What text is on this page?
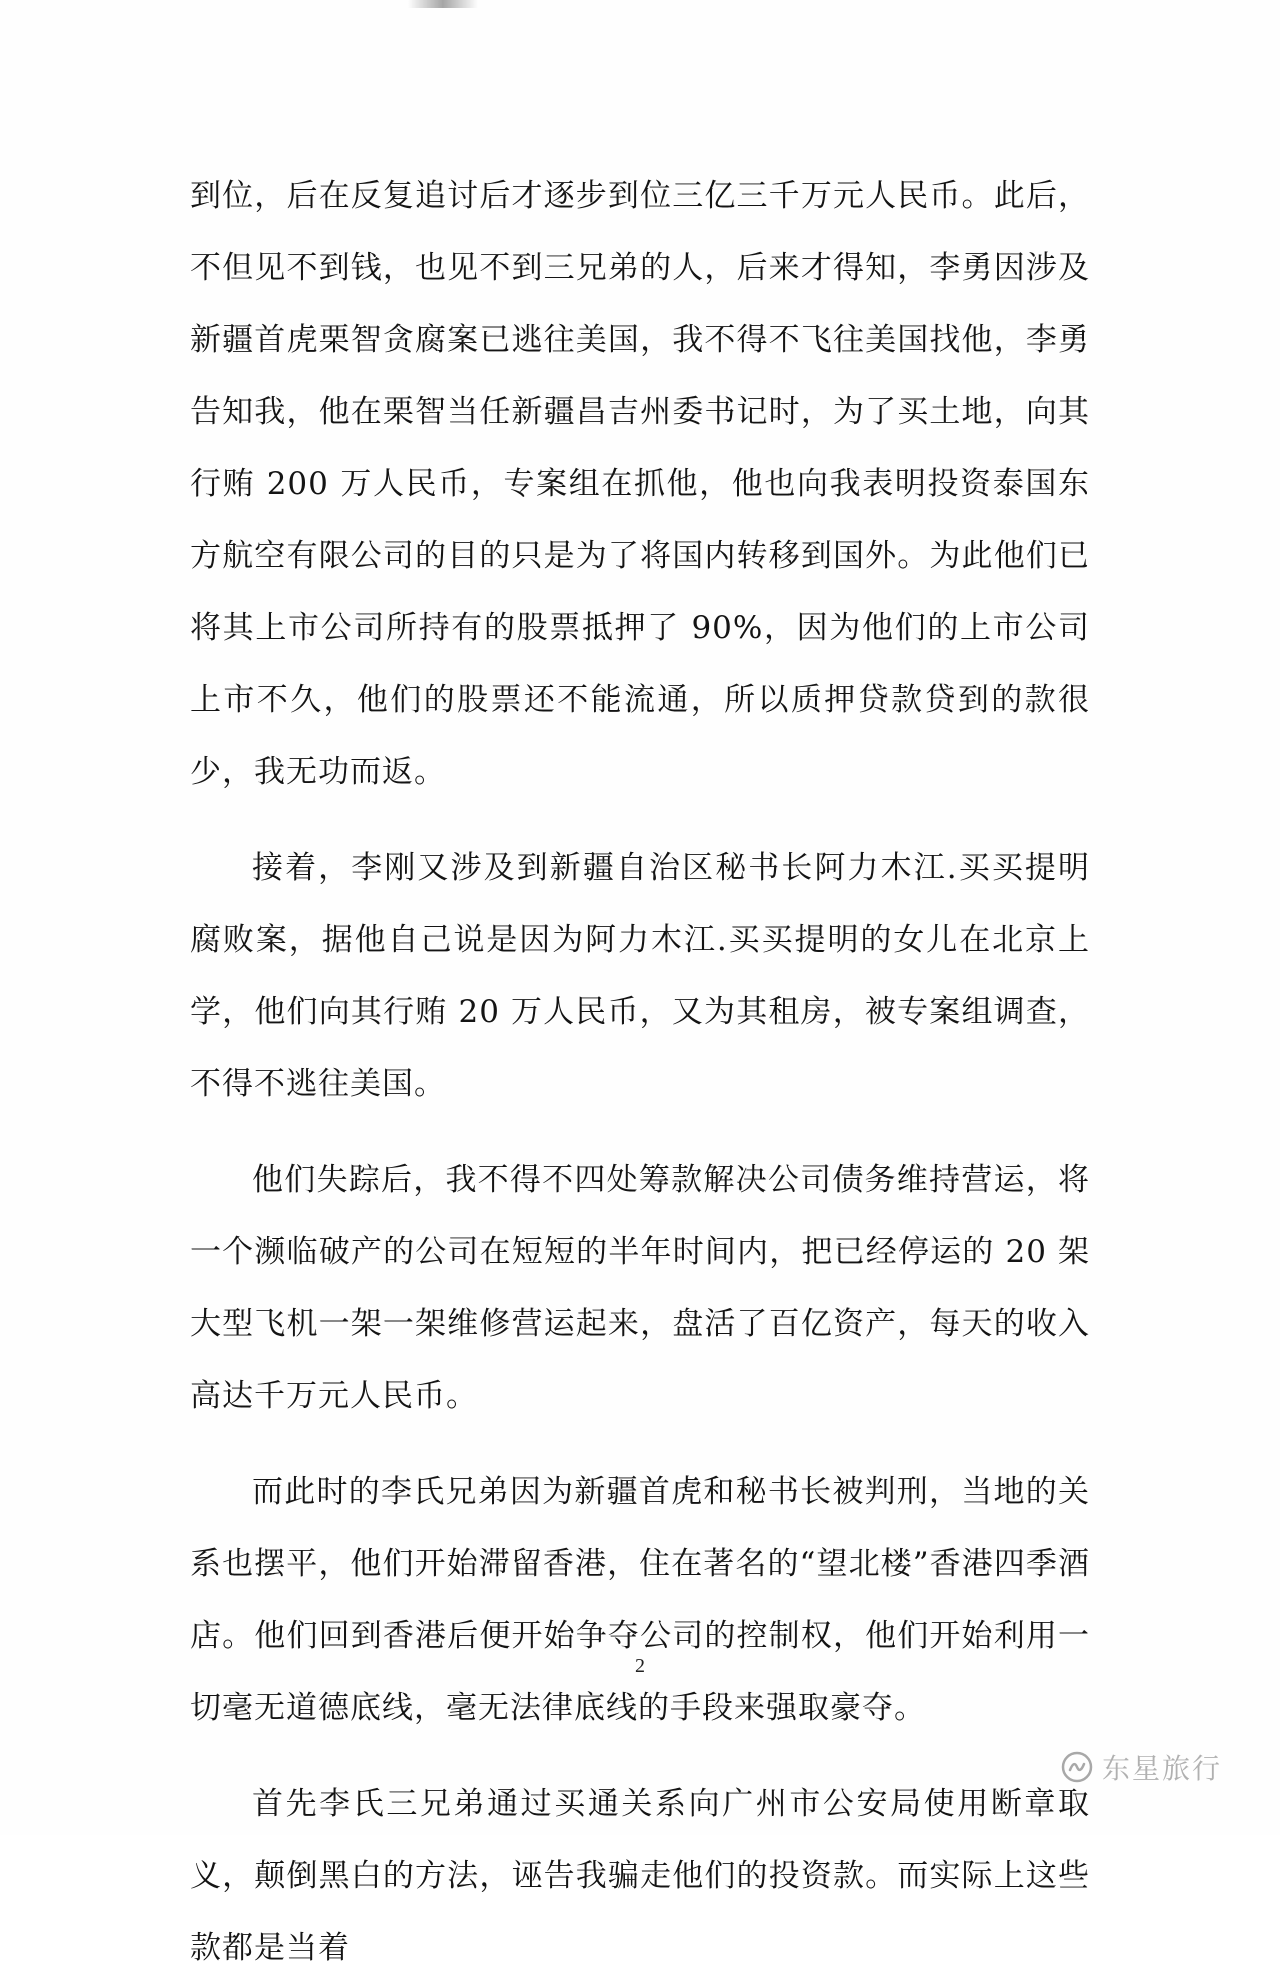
到位，后在反复追讨后才逐步到位三亿三千万元人民币。此后，不但见不到钱，也见不到三兄弟的人，后来才得知，李勇因涉及新疆首虎栗智贪腐案已逃往美国，我不得不飞往美国找他，李勇告知我，他在栗智当任新疆昌吉州委书记时，为了买土地，向其行贿 200 万人民币，专案组在抓他，他也向我表明投资泰国东方航空有限公司的目的只是为了将国内转移到国外。为此他们已将其上市公司所持有的股票抵押了 90%，因为他们的上市公司上市不久，他们的股票还不能流通，所以质押贷款贷到的款很少，我无功而返。

接着，李刚又涉及到新疆自治区秘书长阿力木江.买买提明腐败案，据他自己说是因为阿力木江.买买提明的女儿在北京上学，他们向其行贿 20 万人民币，又为其租房，被专案组调查，不得不逃往美国。

他们失踪后，我不得不四处筹款解决公司债务维持营运，将一个濒临破产的公司在短短的半年时间内，把已经停运的 20 架大型飞机一架一架维修营运起来，盘活了百亿资产，每天的收入高达千万元人民币。

而此时的李氏兄弟因为新疆首虎和秘书长被判刑，当地的关系也摆平，他们开始滞留香港，住在著名的“望北楼”香港四季酒店。他们回到香港后便开始争夺公司的控制权，他们开始利用一切毫无道德底线，毫无法律底线的手段来强取豪夺。

首先李氏三兄弟通过买通关系向广州市公安局使用断章取义，颠倒黑白的方法，诬告我骗走他们的投资款。而实际上这些款都是当着

2
东星旅行
